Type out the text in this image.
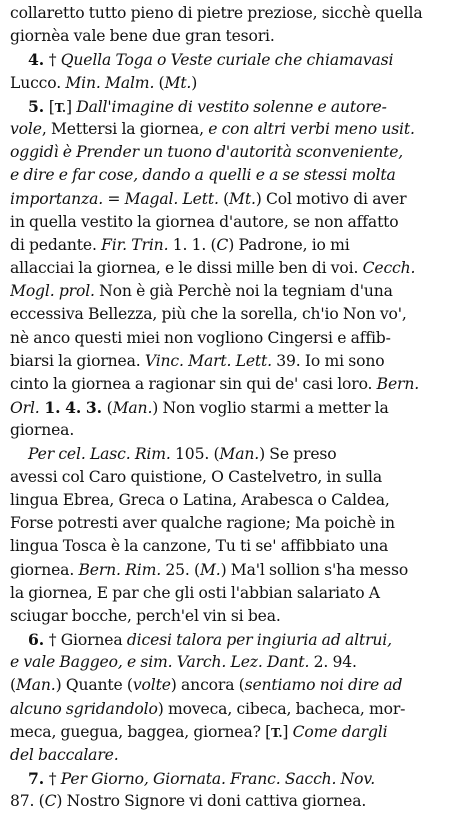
collaretto tutto pieno di pietre preziose, sicchè quella
giornèa vale bene due gran tesori.
4. † Quella Toga o Veste curiale che chiamavasi
Lucco. Min. Malm. (Mt.)
5. [T.] Dall'imagine di vestito solenne e autore-
vole, Mettersi la giornea, e con altri verbi meno usit.
oggidì è Prender un tuono d'autorità sconveniente,
e dire e far cose, dando a quelli e a se stessi molta
importanza. = Magal. Lett. (Mt.) Col motivo di aver
in quella vestito la giornea d'autore, se non affatto
di pedante. Fir. Trin. 1. 1. (C) Padrone, io mi
allacciai la giornea, e le dissi mille ben di voi. Cecch.
Mogl. prol. Non è già Perchè noi la tegniam d'una
eccessiva Bellezza, più che la sorella, ch'io Non vo',
nè anco questi miei non vogliono Cingersi e affib-
biarsi la giornea. Vinc. Mart. Lett. 39. Io mi sono
cinto la giornea a ragionar sin qui de' casi loro. Bern.
Orl. 1. 4. 3. (Man.) Non voglio starmi a metter la
giornea.
Per cel. Lasc. Rim. 105. (Man.) Se preso
avessi col Caro quistione, O Castelvetro, in sulla
lingua Ebrea, Greca o Latina, Arabesca o Caldea,
Forse potresti aver qualche ragione; Ma poichè in
lingua Tosca è la canzone, Tu ti se' affibbiato una
giornea. Bern. Rim. 25. (M.) Ma'l sollion s'ha messo
la giornea, E par che gli osti l'abbian salariato A
sciugar bocche, perch'el vin si bea.
6. † Giornea dicesi talora per ingiuria ad altrui,
e vale Baggeo, e sim. Varch. Lez. Dant. 2. 94.
(Man.) Quante (volte) ancora (sentiamo noi dire ad
alcuno sgridandolo) moveca, cibeca, bacheca, mor-
meca, guegua, baggea, giornea? [T.] Come dargli
del baccalare.
7. † Per Giorno, Giornata. Franc. Sacch. Nov.
87. (C) Nostro Signore vi doni cattiva giornea.
